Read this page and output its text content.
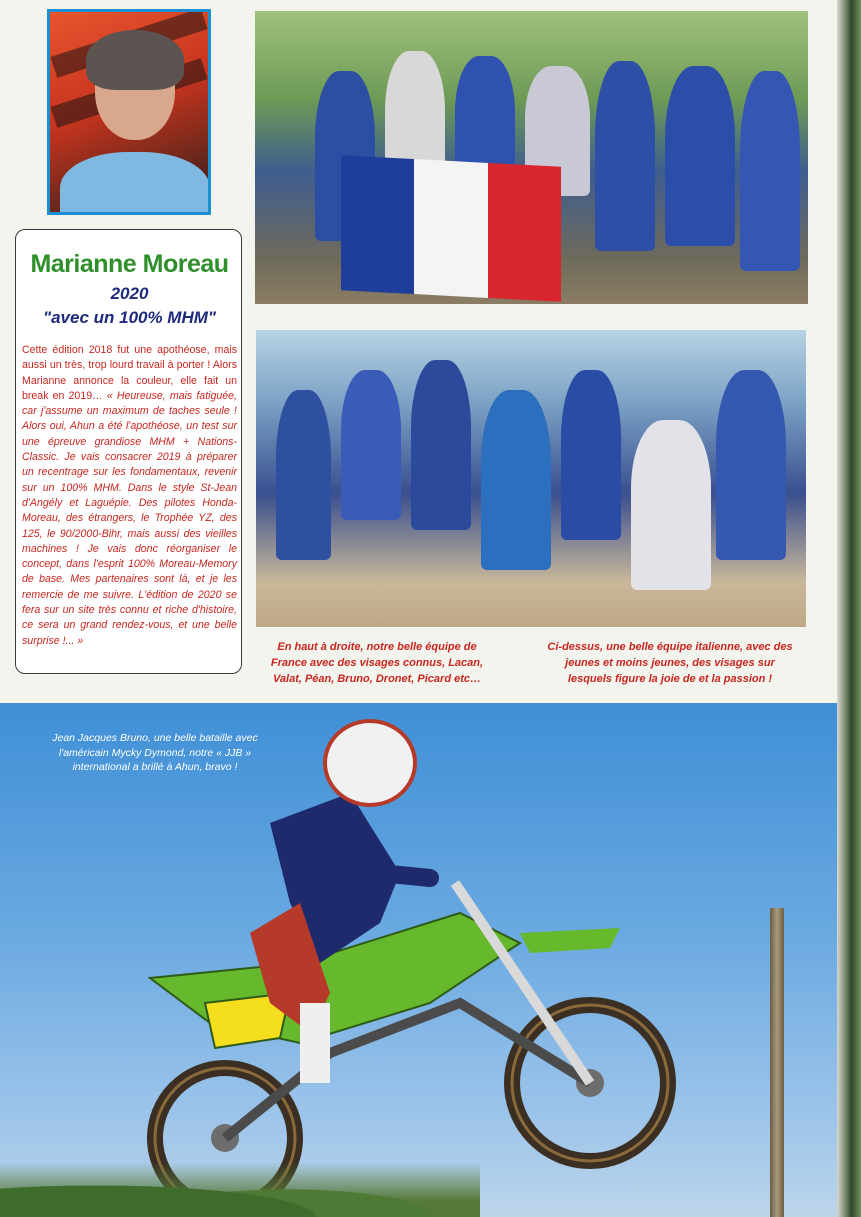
Marianne Moreau
2020
"avec un 100% MHM"
Cette édition 2018 fut une apothéose, mais aussi un très, trop lourd travail à porter ! Alors Marianne annonce la couleur, elle fait un break en 2019… « Heureuse, mais fatiguée, car j'assume un maximum de taches seule ! Alors oui, Ahun a été l'apothéose, un test sur une épreuve grandiose MHM + Nations-Classic. Je vais consacrer 2019 à préparer un recentrage sur les fondamentaux, revenir sur un 100% MHM. Dans le style St-Jean d'Angély et Laguépie. Des pilotes Honda-Moreau, des étrangers, le Trophée YZ, des 125, le 90/2000-Bihr, mais aussi des vieilles machines ! Je vais donc réorganiser le concept, dans l'esprit 100% Moreau-Memory de base. Mes partenaires sont là, et je les remercie de me suivre. L'édition de 2020 se fera sur un site très connu et riche d'histoire, ce sera un grand rendez-vous, et une belle surprise !... »
En haut à droite, notre belle équipe de France avec des visages connus, Lacan, Valat, Péan, Bruno, Dronet, Picard etc…
Ci-dessus, une belle équipe italienne, avec des jeunes et moins jeunes, des visages sur lesquels figure la joie de et la passion !
Jean Jacques Bruno, une belle bataille avec l'américain Mycky Dymond, notre « JJB » international a brillé à Ahun, bravo !
